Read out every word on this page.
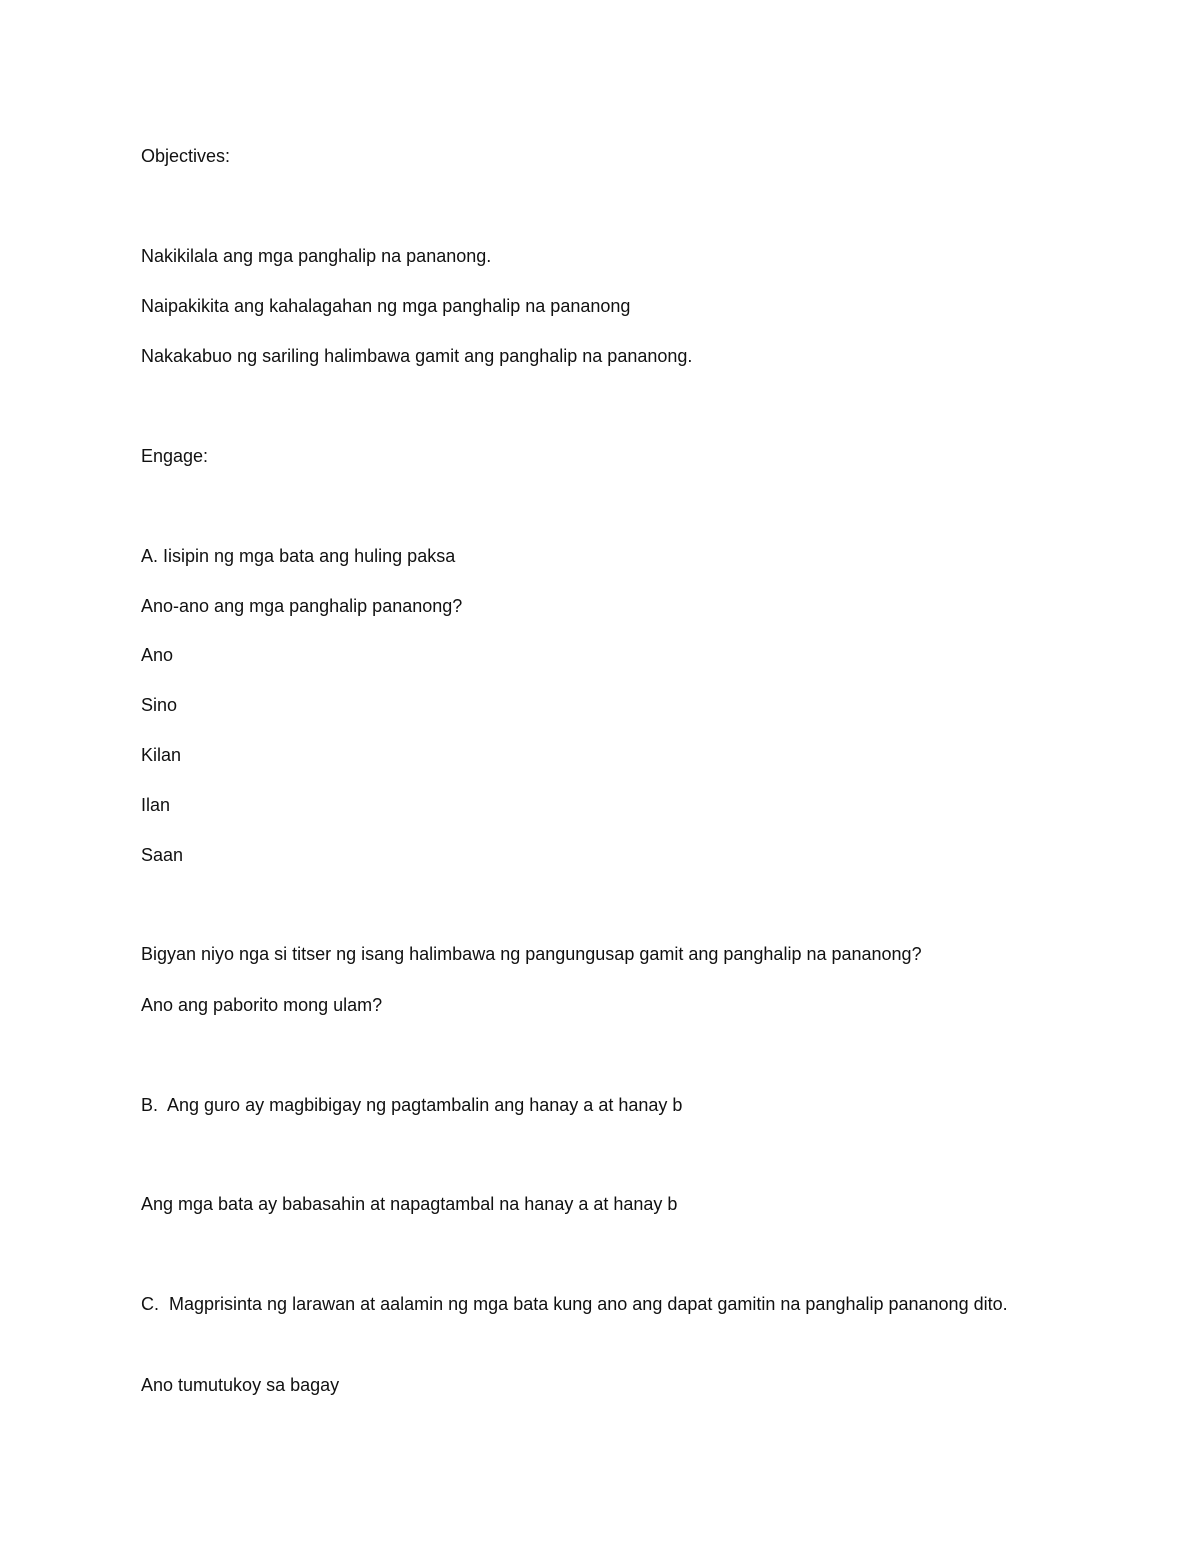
Objectives:

Nakikilala ang mga panghalip na pananong.

Naipakikita ang kahalagahan ng mga panghalip na pananong

Nakakabuo ng sariling halimbawa gamit ang panghalip na pananong.

Engage:

A. Iisipin ng mga bata ang huling paksa

Ano-ano ang mga panghalip pananong?

Ano

Sino

Kilan

Ilan

Saan

Bigyan niyo nga si titser ng isang halimbawa ng pangungusap gamit ang panghalip na pananong?

Ano ang paborito mong ulam?

B.  Ang guro ay magbibigay ng pagtambalin ang hanay a at hanay b

Ang mga bata ay babasahin at napagtambal na hanay a at hanay b

C.  Magprisinta ng larawan at aalamin ng mga bata kung ano ang dapat gamitin na panghalip pananong dito.

Ano tumutukoy sa bagay
